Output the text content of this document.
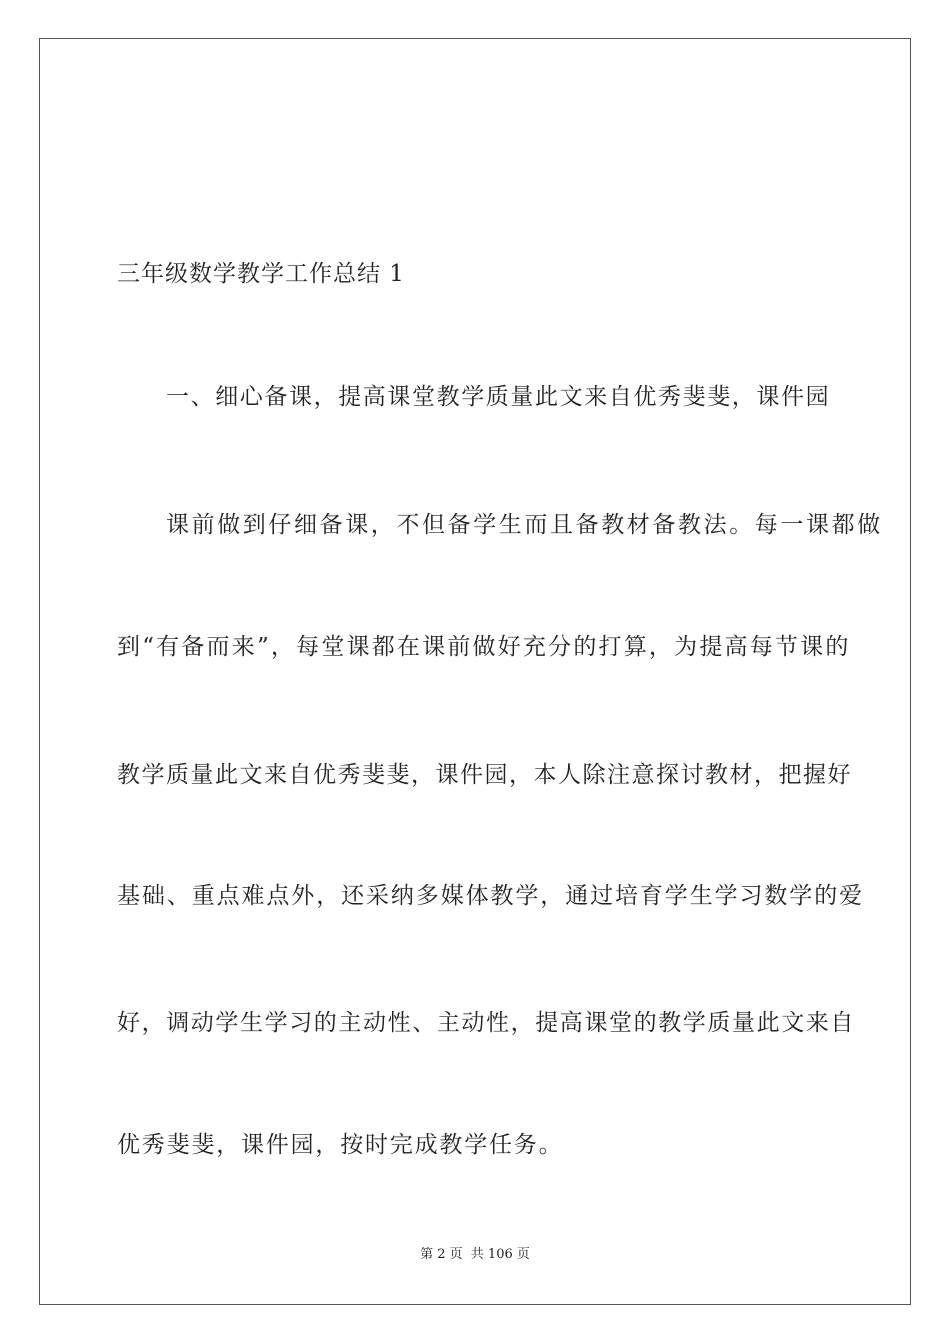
三年级数学教学工作总结 1
一、细心备课，提高课堂教学质量此文来自优秀斐斐，课件园
课前做到仔细备课，不但备学生而且备教材备教法。每一课都做
到“有备而来”，每堂课都在课前做好充分的打算，为提高每节课的
教学质量此文来自优秀斐斐，课件园，本人除注意探讨教材，把握好
基础、重点难点外，还采纳多媒体教学，通过培育学生学习数学的爱
好，调动学生学习的主动性、主动性，提高课堂的教学质量此文来自
优秀斐斐，课件园，按时完成教学任务。
第 2 页 共 106 页
